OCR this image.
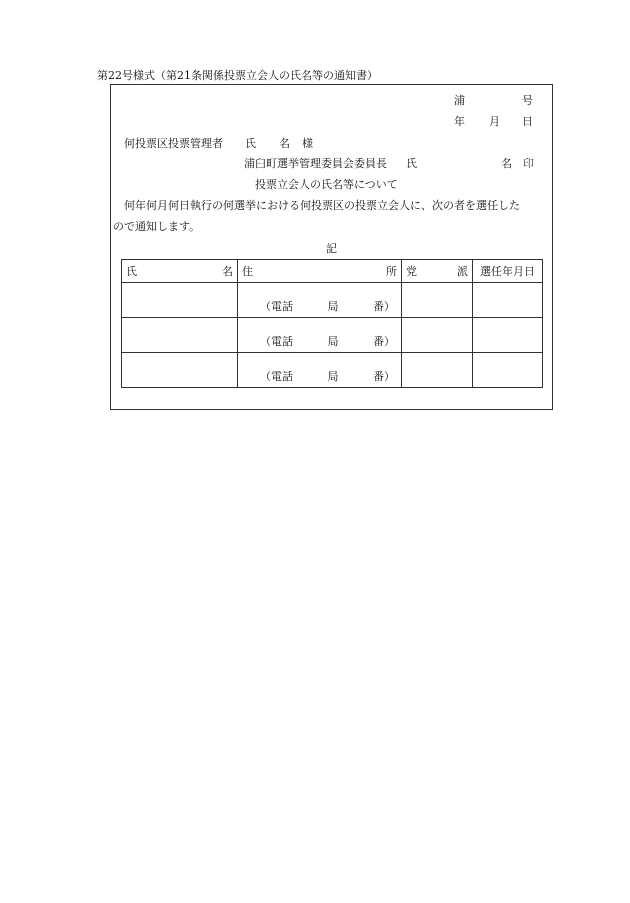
第22号様式（第21条関係投票立会人の氏名等の通知書）
浦	号
年 月 日
何投票区投票管理者 氏 名 様
浦臼町選挙管理委員会委員長 氏	名 印
投票立会人の氏名等について
何年何月何日執行の何選挙における何投票区の投票立会人に、次の者を選任した
ので通知します。
記
氏 名	住 所	党 派	選任年月日

	（電話 局 番）		

	（電話 局 番）		

	（電話 局 番）		
